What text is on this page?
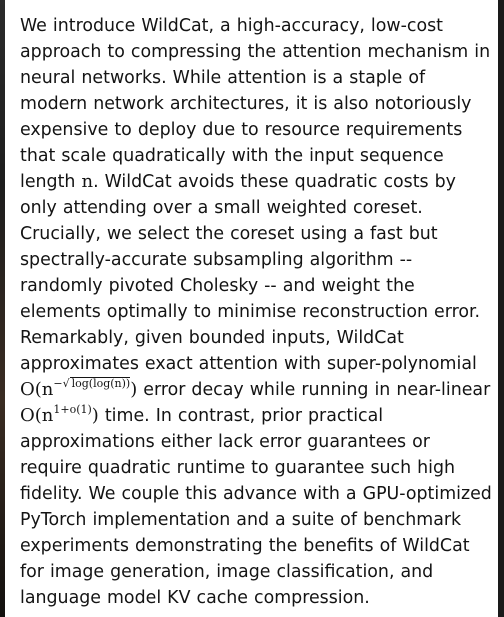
We introduce WildCat, a high-accuracy, low-cost approach to compressing the attention mechanism in neural networks. While attention is a staple of modern network architectures, it is also notoriously expensive to deploy due to resource requirements that scale quadratically with the input sequence length n. WildCat avoids these quadratic costs by only attending over a small weighted coreset. Crucially, we select the coreset using a fast but spectrally-accurate subsampling algorithm -- randomly pivoted Cholesky -- and weight the elements optimally to minimise reconstruction error. Remarkably, given bounded inputs, WildCat approximates exact attention with super-polynomial $O(n^{-√ log(log(n))})$ error decay while running in near-linear $O(n^{1+o(1)})$ time. In contrast, prior practical approximations either lack error guarantees or require quadratic runtime to guarantee such high fidelity. We couple this advance with a GPU-optimized PyTorch implementation and a suite of benchmark experiments demonstrating the benefits of WildCat for image generation, image classification, and language model KV cache compression.
